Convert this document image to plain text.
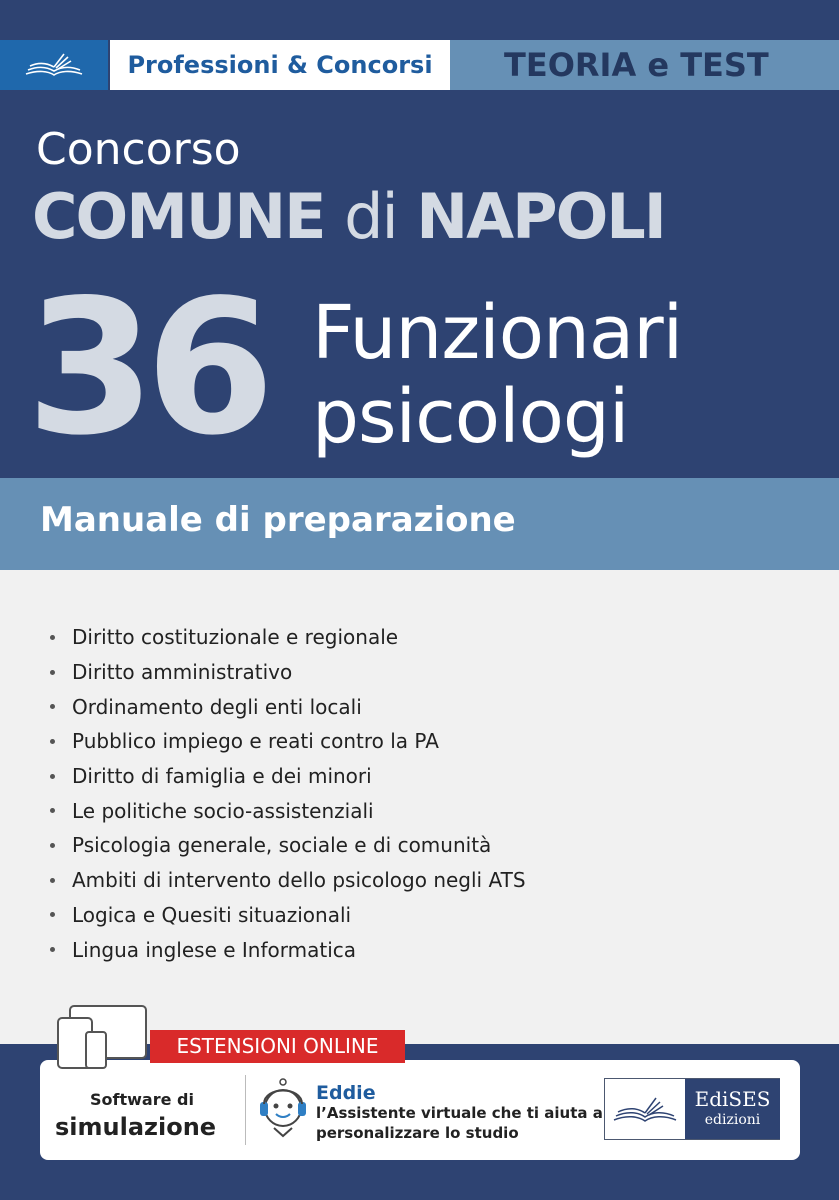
Professioni & Concorsi	TEORIA e TEST
Concorso
COMUNE di NAPOLI
36 Funzionari
psicologi
Manuale di preparazione
Diritto costituzionale e regionale
Diritto amministrativo
Ordinamento degli enti locali
Pubblico impiego e reati contro la PA
Diritto di famiglia e dei minori
Le politiche socio-assistenziali
Psicologia generale, sociale e di comunità
Ambiti di intervento dello psicologo negli ATS
Logica e Quesiti situazionali
Lingua inglese e Informatica
ESTENSIONI ONLINE
Software di
simulazione
Eddie
l’Assistente virtuale che ti aiuta a personalizzare lo studio
EdiSES
edizioni
